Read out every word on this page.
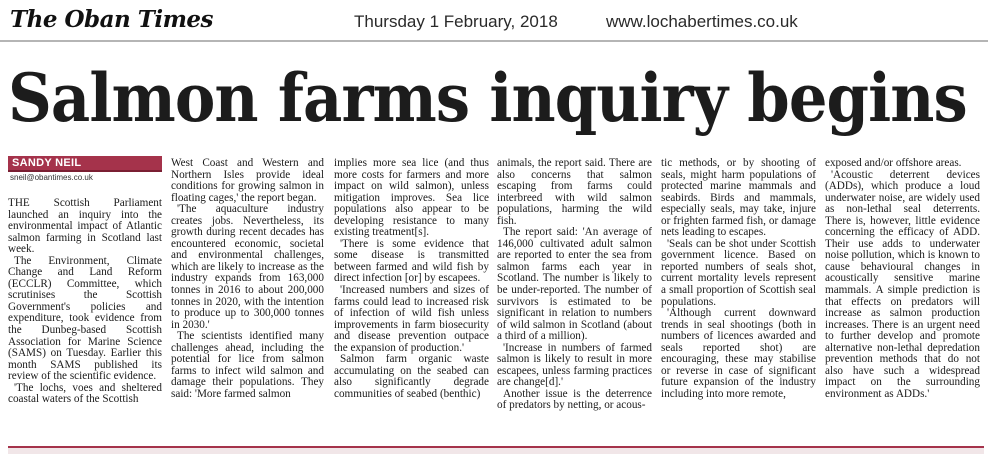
The Oban Times	Thursday 1 February, 2018	www.lochabertimes.co.uk
Salmon farms inquiry begins
SANDY NEIL
sneil@obantimes.co.uk

THE Scottish Parliament launched an inquiry into the environmental impact of Atlantic salmon farming in Scotland last week.

The Environment, Climate Change and Land Reform (ECCLR) Committee, which scrutinises the Scottish Government's policies and expenditure, took evidence from the Dunbeg-based Scottish Association for Marine Science (SAMS) on Tuesday. Earlier this month SAMS published its review of the scientific evidence.

'The lochs, voes and sheltered coastal waters of the Scottish

West Coast and Western and Northern Isles provide ideal conditions for growing salmon in floating cages,' the report began.

'The aquaculture industry creates jobs. Nevertheless, its growth during recent decades has encountered economic, societal and environmental challenges, which are likely to increase as the industry expands from 163,000 tonnes in 2016 to about 200,000 tonnes in 2020, with the intention to produce up to 300,000 tonnes in 2030.'

The scientists identified many challenges ahead, including the potential for lice from salmon farms to infect wild salmon and damage their populations. They said: 'More farmed salmon

implies more sea lice (and thus more costs for farmers and more impact on wild salmon), unless mitigation improves. Sea lice populations also appear to be developing resistance to many existing treatment[s].

'There is some evidence that some disease is transmitted between farmed and wild fish by direct infection [or] by escapees.

'Increased numbers and sizes of farms could lead to increased risk of infection of wild fish unless improvements in farm biosecurity and disease prevention outpace the expansion of production.'

Salmon farm organic waste accumulating on the seabed can also significantly degrade communities of seabed (benthic)

animals, the report said. There are also concerns that salmon escaping from farms could interbreed with wild salmon populations, harming the wild fish.

The report said: 'An average of 146,000 cultivated adult salmon are reported to enter the sea from salmon farms each year in Scotland. The number is likely to be under-reported. The number of survivors is estimated to be significant in relation to numbers of wild salmon in Scotland (about a third of a million).

'Increase in numbers of farmed salmon is likely to result in more escapees, unless farming practices are change[d].'

Another issue is the deterrence of predators by netting, or acous-

tic methods, or by shooting of seals, might harm populations of protected marine mammals and seabirds. Birds and mammals, especially seals, may take, injure or frighten farmed fish, or damage nets leading to escapes.

'Seals can be shot under Scottish government licence. Based on reported numbers of seals shot, current mortality levels represent a small proportion of Scottish seal populations.

'Although current downward trends in seal shootings (both in numbers of licences awarded and seals reported shot) are encouraging, these may stabilise or reverse in case of significant future expansion of the industry including into more remote,

exposed and/or offshore areas.

'Acoustic deterrent devices (ADDs), which produce a loud underwater noise, are widely used as non-lethal seal deterrents. There is, however, little evidence concerning the efficacy of ADD. Their use adds to underwater noise pollution, which is known to cause behavioural changes in acoustically sensitive marine mammals. A simple prediction is that effects on predators will increase as salmon production increases. There is an urgent need to further develop and promote alternative non-lethal depredation prevention methods that do not also have such a widespread impact on the surrounding environment as ADDs.'
